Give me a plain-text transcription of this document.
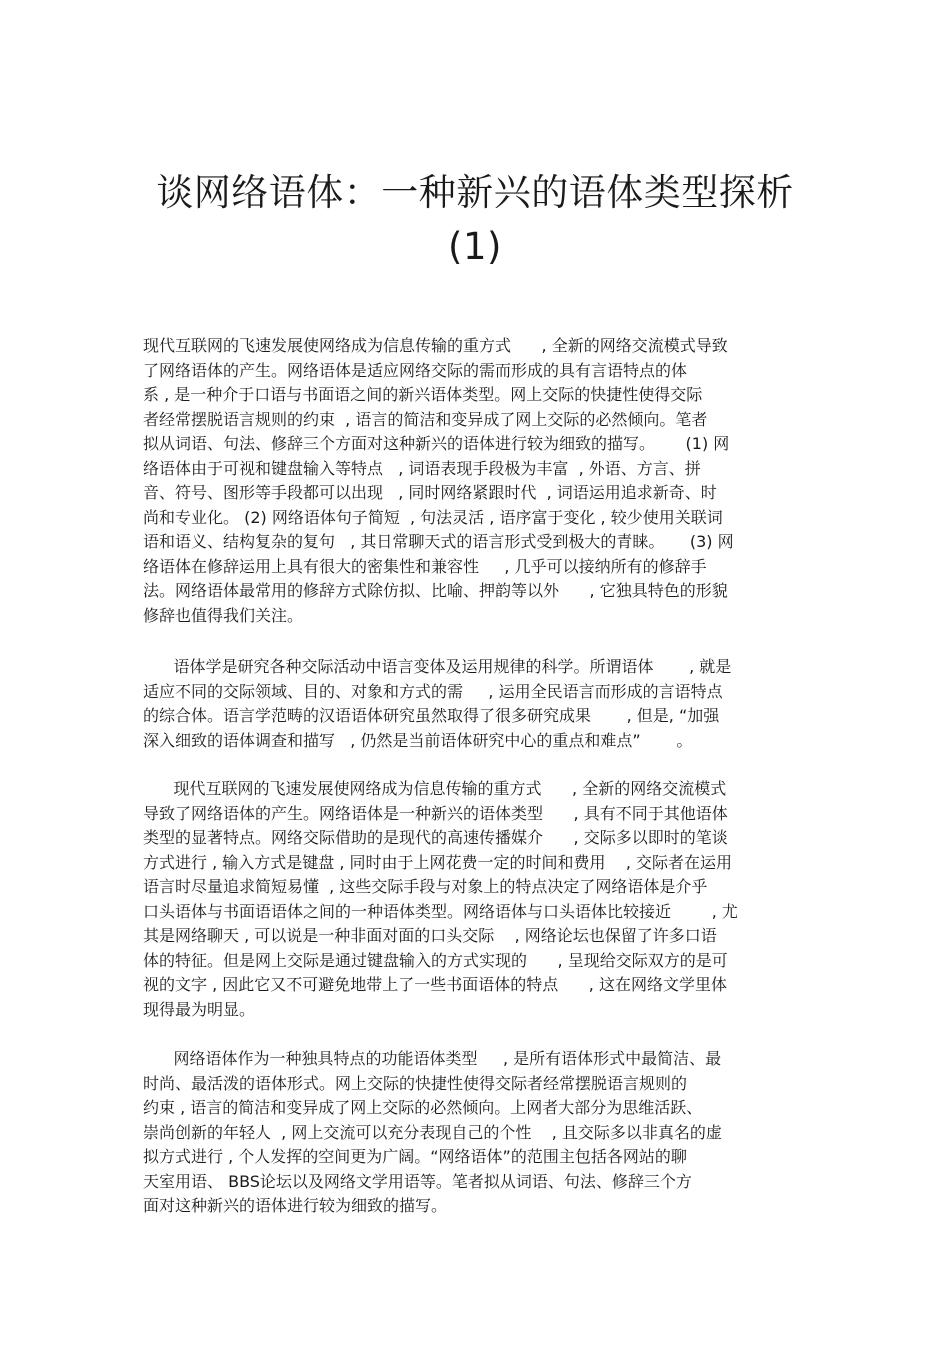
谈网络语体：一种新兴的语体类型探析
(1)
现代互联网的飞速发展使网络成为信息传输的重方式      , 全新的网络交流模式导致
了网络语体的产生。网络语体是适应网络交际的需而形成的具有言语特点的体
系 , 是一种介于口语与书面语之间的新兴语体类型。网上交际的快捷性使得交际
者经常摆脱语言规则的约束  , 语言的简洁和变异成了网上交际的必然倾向。笔者
拟从词语、句法、修辞三个方面对这种新兴的语体进行较为细致的描写。      (1) 网
络语体由于可视和键盘输入等特点   , 词语表现手段极为丰富  , 外语、方言、拼
音、符号、图形等手段都可以出现   , 同时网络紧跟时代  , 词语运用追求新奇、时
尚和专业化。 (2) 网络语体句子简短  , 句法灵活 , 语序富于变化 , 较少使用关联词
语和语义、结构复杂的复句   , 其日常聊天式的语言形式受到极大的青睐。     (3) 网
络语体在修辞运用上具有很大的密集性和兼容性     , 几乎可以接纳所有的修辞手
法。网络语体最常用的修辞方式除仿拟、比喻、押韵等以外      , 它独具特色的形貌
修辞也值得我们关注。
语体学是研究各种交际活动中语言变体及运用规律的科学。所谓语体       , 就是
适应不同的交际领域、目的、对象和方式的需     , 运用全民语言而形成的言语特点
的综合体。语言学范畴的汉语语体研究虽然取得了很多研究成果       , 但是, “加强
深入细致的语体调查和描写   , 仍然是当前语体研究中心的重点和难点”       。
现代互联网的飞速发展使网络成为信息传输的重方式      , 全新的网络交流模式
导致了网络语体的产生。网络语体是一种新兴的语体类型      , 具有不同于其他语体
类型的显著特点。网络交际借助的是现代的高速传播媒介      , 交际多以即时的笔谈
方式进行 , 输入方式是键盘 , 同时由于上网花费一定的时间和费用    , 交际者在运用
语言时尽量追求简短易懂  , 这些交际手段与对象上的特点决定了网络语体是介乎
口头语体与书面语语体之间的一种语体类型。网络语体与口头语体比较接近        , 尤
其是网络聊天 , 可以说是一种非面对面的口头交际    , 网络论坛也保留了许多口语
体的特征。但是网上交际是通过键盘输入的方式实现的      , 呈现给交际双方的是可
视的文字 , 因此它又不可避免地带上了一些书面语体的特点      , 这在网络文学里体
现得最为明显。
网络语体作为一种独具特点的功能语体类型     , 是所有语体形式中最简洁、最
时尚、最活泼的语体形式。网上交际的快捷性使得交际者经常摆脱语言规则的
约束 , 语言的简洁和变异成了网上交际的必然倾向。上网者大部分为思维活跃、
崇尚创新的年轻人  , 网上交流可以充分表现自己的个性    , 且交际多以非真名的虚
拟方式进行 , 个人发挥的空间更为广阔。“网络语体”的范围主包括各网站的聊
天室用语、 BBS论坛以及网络文学用语等。笔者拟从词语、句法、修辞三个方
面对这种新兴的语体进行较为细致的描写。
